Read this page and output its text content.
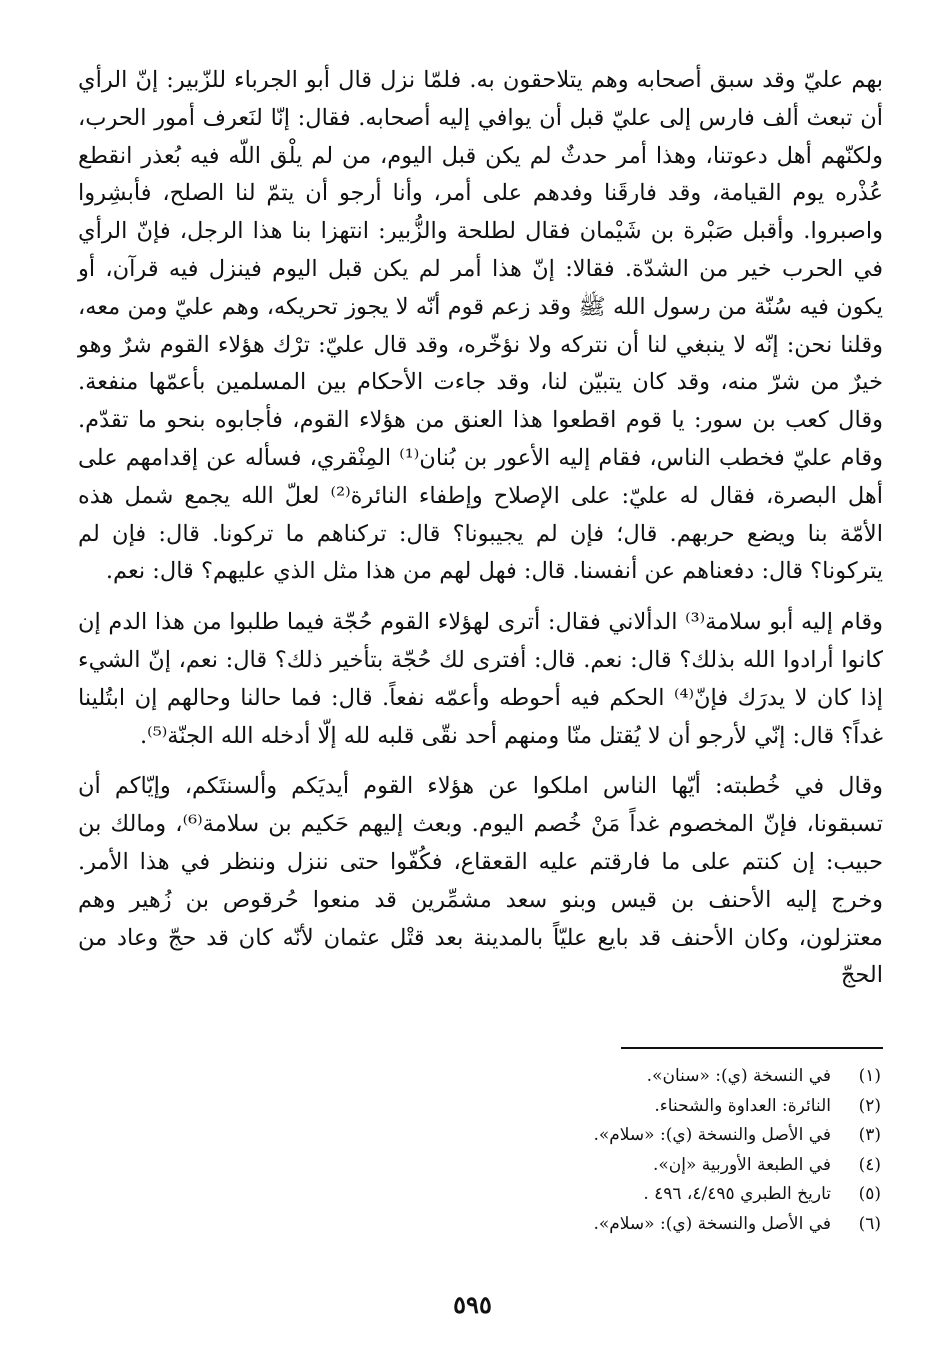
بهم عليّ وقد سبق أصحابه وهم يتلاحقون به. فلمّا نزل قال أبو الجرباء للزّبير: إنّ الرأي أن تبعث ألف فارس إلى عليّ قبل أن يوافي إليه أصحابه. فقال: إنّا لنَعرف أمور الحرب، ولكنّهم أهل دعوتنا، وهذا أمر حدثٌ لم يكن قبل اليوم، من لم يلْق اللّه فيه بُعذر انقطع عُذْره يوم القيامة، وقد فارقَنا وفدهم على أمر، وأنا أرجو أن يتمّ لنا الصلح، فأبشِروا واصبروا. وأقبل صَبْرة بن شَيْمان فقال لطلحة والزُّبير: انتهزا بنا هذا الرجل، فإنّ الرأي في الحرب خير من الشدّة. فقالا: إنّ هذا أمر لم يكن قبل اليوم فينزل فيه قرآن، أو يكون فيه سُنّة من رسول الله ﷺ وقد زعم قوم أنّه لا يجوز تحريكه، وهم عليّ ومن معه، وقلنا نحن: إنّه لا ينبغي لنا أن نتركه ولا نؤخّره، وقد قال عليّ: ترْك هؤلاء القوم شرٌ وهو خيرٌ من شرّ منه، وقد كان يتبيّن لنا، وقد جاءت الأحكام بين المسلمين بأعمّها منفعة. وقال كعب بن سور: يا قوم اقطعوا هذا العنق من هؤلاء القوم، فأجابوه بنحو ما تقدّم. وقام عليّ فخطب الناس، فقام إليه الأعور بن بُنان⁽¹⁾ المِنْقري، فسأله عن إقدامهم على أهل البصرة، فقال له عليّ: على الإصلاح وإطفاء النائرة⁽²⁾ لعلّ الله يجمع شمل هذه الأمّة بنا ويضع حربهم. قال؛ فإن لم يجيبونا؟ قال: تركناهم ما تركونا. قال: فإن لم يتركونا؟ قال: دفعناهم عن أنفسنا. قال: فهل لهم من هذا مثل الذي عليهم؟ قال: نعم.

وقام إليه أبو سلامة⁽³⁾ الدألاني فقال: أترى لهؤلاء القوم حُجّة فيما طلبوا من هذا الدم إن كانوا أرادوا الله بذلك؟ قال: نعم. قال: أفترى لك حُجّة بتأخير ذلك؟ قال: نعم، إنّ الشيء إذا كان لا يدرَك فإنّ⁽⁴⁾ الحكم فيه أحوطه وأعمّه نفعاً. قال: فما حالنا وحالهم إن ابتُلينا غداً؟ قال: إنّي لأرجو أن لا يُقتل منّا ومنهم أحد نقّى قلبه لله إلّا أدخله الله الجنّة⁽⁵⁾.

وقال في خُطبته: أيّها الناس املكوا عن هؤلاء القوم أيديَكم وألسنتَكم، وإيّاكم أن تسبقونا، فإنّ المخصوم غداً مَنْ خُصم اليوم. وبعث إليهم حَكيم بن سلامة⁽⁶⁾، ومالك بن حبيب: إن كنتم على ما فارقتم عليه القعقاع، فكُفّوا حتى ننزل وننظر في هذا الأمر. وخرج إليه الأحنف بن قيس وبنو سعد مشمِّرين قد منعوا حُرقوص بن زُهير وهم معتزلون، وكان الأحنف قد بايع عليّاً بالمدينة بعد قتْل عثمان لأنّه كان قد حجّ وعاد من الحجّ

(١)في النسخة (ي): «سنان».
(٢)النائرة: العداوة والشحناء.
(٣)في الأصل والنسخة (ي): «سلام».
(٤)في الطبعة الأوربية «إن».
(٥)تاريخ الطبري ٤/٤٩٥، ٤٩٦ .
(٦)في الأصل والنسخة (ي): «سلام».
٥٩٥
